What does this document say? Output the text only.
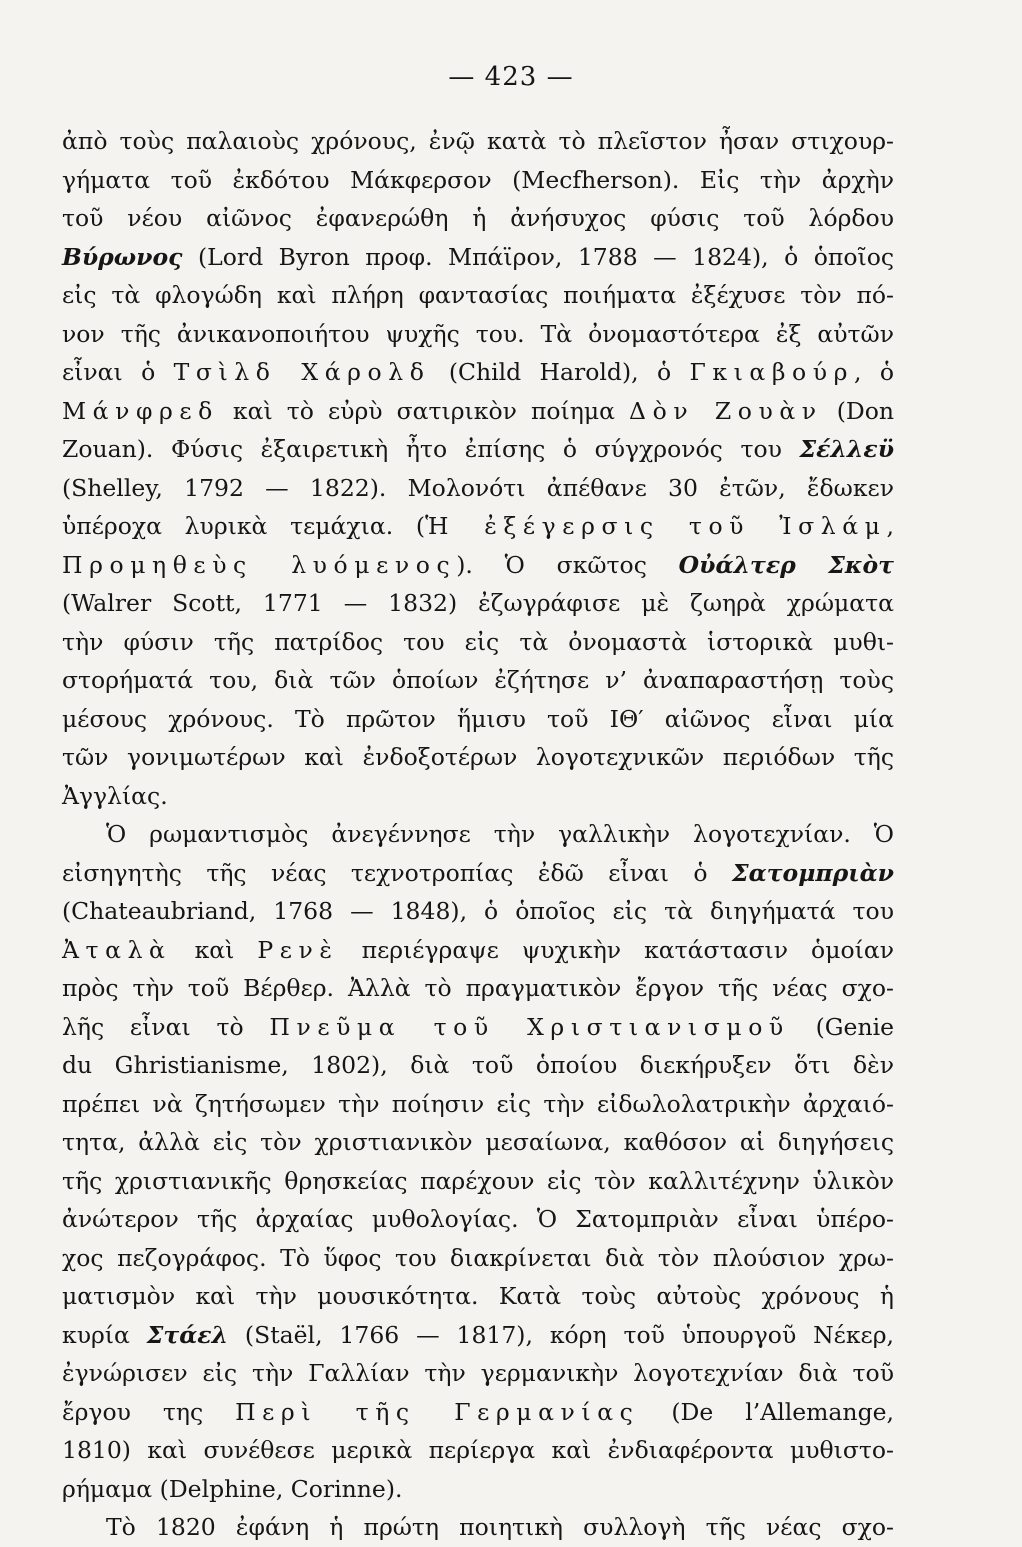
— 423 —
ἀπὸ τοὺς παλαιοὺς χρόνους, ἐνῷ κατὰ τὸ πλεῖστον ἦσαν στιχουρ-
γήματα τοῦ ἐκδότου Μάκφερσον (Mecfherson). Εἰς τὴν ἀρχὴν
τοῦ νέου αἰῶνος ἐφανερώθη ἡ ἀνήσυχος φύσις τοῦ λόρδου
Βύρωνος (Lord Byron προφ. Μπάϊρον, 1788 — 1824), ὁ ὁποῖος
εἰς τὰ φλογώδη καὶ πλήρη φαντασίας ποιήματα ἐξέχυσε τὸν πό-
νον τῆς ἀνικανοποιήτου ψυχῆς του. Τὰ ὀνομαστότερα ἐξ αὐτῶν
εἶναι ὁ Τσὶλδ Χάρολδ (Child Harold), ὁ Γκιαβούρ, ὁ
Μάνφρεδ καὶ τὸ εὐρὺ σατιρικὸν ποίημα Δὸν Ζουὰν (Don
Zouan). Φύσις ἐξαιρετικὴ ἦτο ἐπίσης ὁ σύγχρονός του Σέλλεϋ
(Shelley, 1792 — 1822). Μολονότι ἀπέθανε 30 ἐτῶν, ἔδωκεν
ὑπέροχα λυρικὰ τεμάχια. (Ἡ ἐξέγερσις τοῦ Ἰσλάμ,
Προμηθεὺς λυόμενος). Ὁ σκῶτος Οὐάλτερ Σκὸτ
(Walrer Scott, 1771 — 1832) ἐζωγράφισε μὲ ζωηρὰ χρώματα
τὴν φύσιν τῆς πατρίδος του εἰς τὰ ὀνομαστὰ ἱστορικὰ μυθι-
στορήματά του, διὰ τῶν ὁποίων ἐζήτησε ν’ ἀναπαραστήσῃ τοὺς
μέσους χρόνους. Τὸ πρῶτον ἥμισυ τοῦ ΙΘ′ αἰῶνος εἶναι μία
τῶν γονιμωτέρων καὶ ἐνδοξοτέρων λογοτεχνικῶν περιόδων τῆς
Ἀγγλίας.
Ὁ ρωμαντισμὸς ἀνεγέννησε τὴν γαλλικὴν λογοτεχνίαν. Ὁ
εἰσηγητὴς τῆς νέας τεχνοτροπίας ἐδῶ εἶναι ὁ Σατομπριὰν
(Chateaubriand, 1768 — 1848), ὁ ὁποῖος εἰς τὰ διηγήματά του
Ἀταλὰ καὶ Ρενὲ περιέγραψε ψυχικὴν κατάστασιν ὁμοίαν
πρὸς τὴν τοῦ Βέρθερ. Ἀλλὰ τὸ πραγματικὸν ἔργον τῆς νέας σχο-
λῆς εἶναι τὸ Πνεῦμα τοῦ Χριστιανισμοῦ (Genie
du Ghristianisme, 1802), διὰ τοῦ ὁποίου διεκήρυξεν ὅτι δὲν
πρέπει νὰ ζητήσωμεν τὴν ποίησιν εἰς τὴν εἰδωλολατρικὴν ἀρχαιό-
τητα, ἀλλὰ εἰς τὸν χριστιανικὸν μεσαίωνα, καθόσον αἱ διηγήσεις
τῆς χριστιανικῆς θρησκείας παρέχουν εἰς τὸν καλλιτέχνην ὑλικὸν
ἀνώτερον τῆς ἀρχαίας μυθολογίας. Ὁ Σατομπριὰν εἶναι ὑπέρο-
χος πεζογράφος. Τὸ ὕφος του διακρίνεται διὰ τὸν πλούσιον χρω-
ματισμὸν καὶ τὴν μουσικότητα. Κατὰ τοὺς αὐτοὺς χρόνους ἡ
κυρία Στάελ (Staël, 1766 — 1817), κόρη τοῦ ὑπουργοῦ Νέκερ,
ἐγνώρισεν εἰς τὴν Γαλλίαν τὴν γερμανικὴν λογοτεχνίαν διὰ τοῦ
ἔργου της Περὶ τῆς Γερμανίας (De l’Allemange,
1810) καὶ συνέθεσε μερικὰ περίεργα καὶ ἐνδιαφέροντα μυθιστο-
ρήμαμα (Delphine, Corinne).
Τὸ 1820 ἐφάνη ἡ πρώτη ποιητικὴ συλλογὴ τῆς νέας σχο-
